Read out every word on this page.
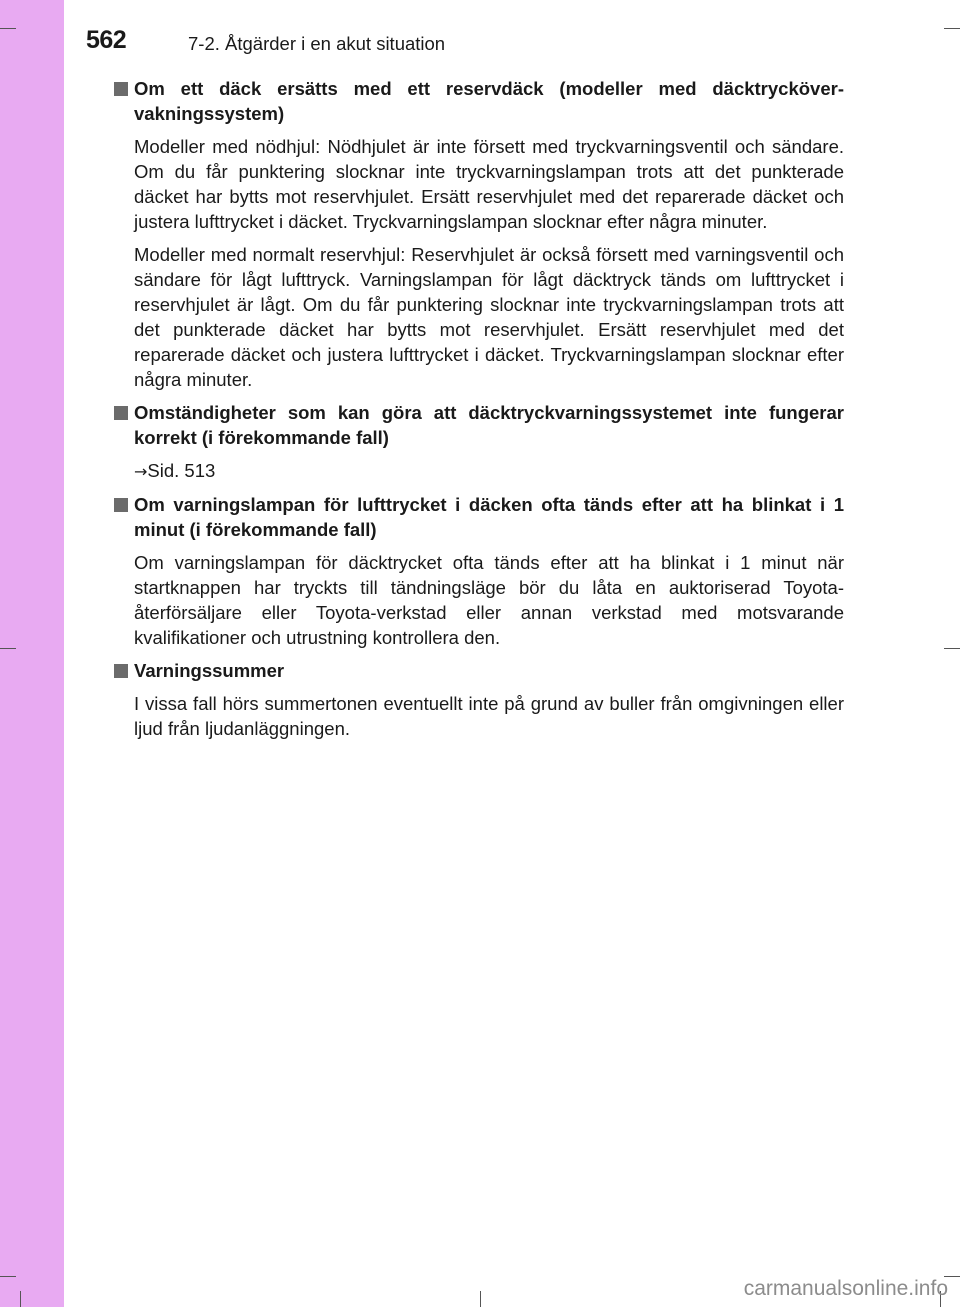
562	7-2. Åtgärder i en akut situation
Om ett däck ersätts med ett reservdäck (modeller med däcktryckövervakningssystem)

Modeller med nödhjul: Nödhjulet är inte försett med tryckvarningsventil och sändare. Om du får punktering slocknar inte tryckvarningslampan trots att det punkterade däcket har bytts mot reservhjulet. Ersätt reservhjulet med det reparerade däcket och justera lufttrycket i däcket. Tryckvarningslampan slocknar efter några minuter.

Modeller med normalt reservhjul: Reservhjulet är också försett med varningsventil och sändare för lågt lufttryck. Varningslampan för lågt däcktryck tänds om lufttrycket i reservhjulet är lågt. Om du får punktering slocknar inte tryckvarningslampan trots att det punkterade däcket har bytts mot reservhjulet. Ersätt reservhjulet med det reparerade däcket och justera lufttrycket i däcket. Tryckvarningslampan slocknar efter några minuter.

Omständigheter som kan göra att däcktryckvarningssystemet inte fungerar korrekt (i förekommande fall)

→Sid. 513

Om varningslampan för lufttrycket i däcken ofta tänds efter att ha blinkat i 1 minut (i förekommande fall)

Om varningslampan för däcktrycket ofta tänds efter att ha blinkat i 1 minut när startknappen har tryckts till tändningsläge bör du låta en auktoriserad Toyotaåterförsäljare eller Toyota-verkstad eller annan verkstad med motsvarande kvalifikationer och utrustning kontrollera den.

Varningssummer

I vissa fall hörs summertonen eventuellt inte på grund av buller från omgivningen eller ljud från ljudanläggningen.

carmanualsonline.info
